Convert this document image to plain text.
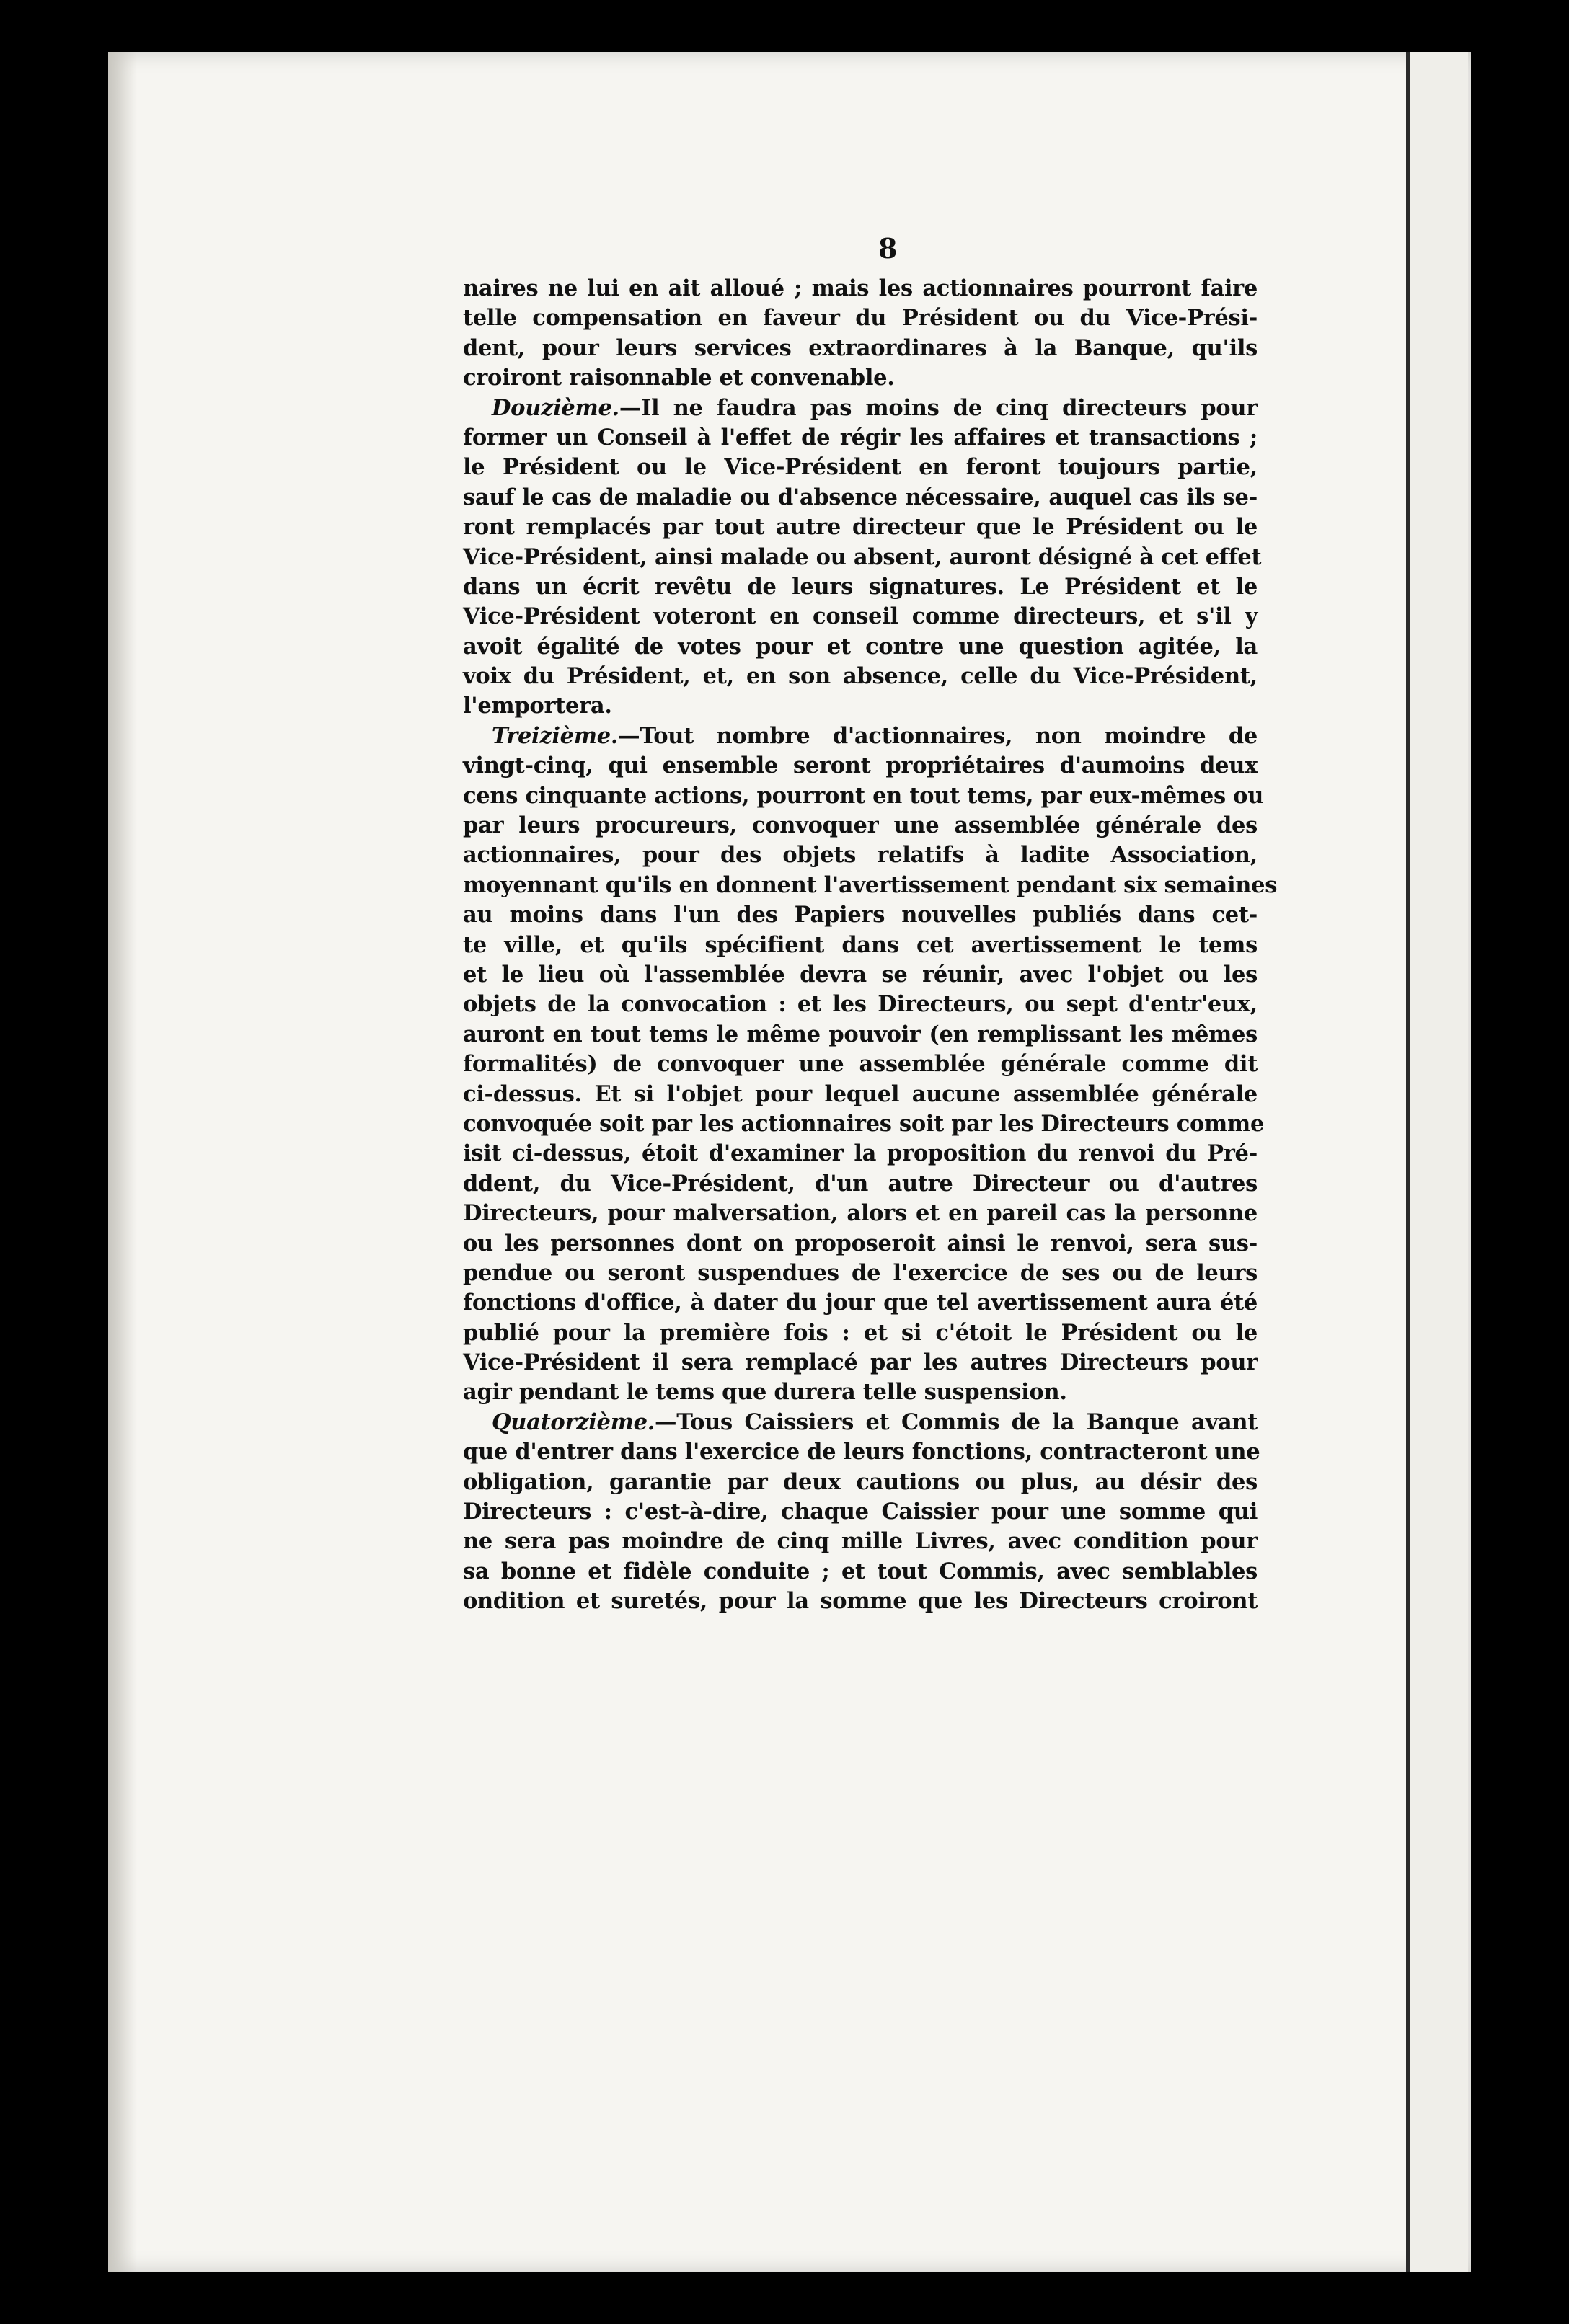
8
naires ne lui en ait alloué ; mais les actionnaires pourront faire
telle compensation en faveur du Président ou du Vice-Prési-
dent, pour leurs services extraordinares à la Banque, qu'ils
croiront raisonnable et convenable.
Douzième.—Il ne faudra pas moins de cinq directeurs pour
former un Conseil à l'effet de régir les affaires et transactions ;
le Président ou le Vice-Président en feront toujours partie,
sauf le cas de maladie ou d'absence nécessaire, auquel cas ils se-
ront remplacés par tout autre directeur que le Président ou le
Vice-Président, ainsi malade ou absent, auront désigné à cet effet
dans un écrit revêtu de leurs signatures. Le Président et le
Vice-Président voteront en conseil comme directeurs, et s'il y
avoit égalité de votes pour et contre une question agitée, la
voix du Président, et, en son absence, celle du Vice-Président,
l'emportera.
Treizième.—Tout nombre d'actionnaires, non moindre de
vingt-cinq, qui ensemble seront propriétaires d'aumoins deux
cens cinquante actions, pourront en tout tems, par eux-mêmes ou
par leurs procureurs, convoquer une assemblée générale des
actionnaires, pour des objets relatifs à ladite Association,
moyennant qu'ils en donnent l'avertissement pendant six semaines
au moins dans l'un des Papiers nouvelles publiés dans cet-
te ville, et qu'ils spécifient dans cet avertissement le tems
et le lieu où l'assemblée devra se réunir, avec l'objet ou les
objets de la convocation : et les Directeurs, ou sept d'entr'eux,
auront en tout tems le même pouvoir (en remplissant les mêmes
formalités) de convoquer une assemblée générale comme dit
ci-dessus. Et si l'objet pour lequel aucune assemblée générale
convoquée soit par les actionnaires soit par les Directeurs comme
isit ci-dessus, étoit d'examiner la proposition du renvoi du Pré-
ddent, du Vice-Président, d'un autre Directeur ou d'autres
Directeurs, pour malversation, alors et en pareil cas la personne
ou les personnes dont on proposeroit ainsi le renvoi, sera sus-
pendue ou seront suspendues de l'exercice de ses ou de leurs
fonctions d'office, à dater du jour que tel avertissement aura été
publié pour la première fois : et si c'étoit le Président ou le
Vice-Président il sera remplacé par les autres Directeurs pour
agir pendant le tems que durera telle suspension.
Quatorzième.—Tous Caissiers et Commis de la Banque avant
que d'entrer dans l'exercice de leurs fonctions, contracteront une
obligation, garantie par deux cautions ou plus, au désir des
Directeurs : c'est-à-dire, chaque Caissier pour une somme qui
ne sera pas moindre de cinq mille Livres, avec condition pour
sa bonne et fidèle conduite ; et tout Commis, avec semblables
ondition et suretés, pour la somme que les Directeurs croiront
